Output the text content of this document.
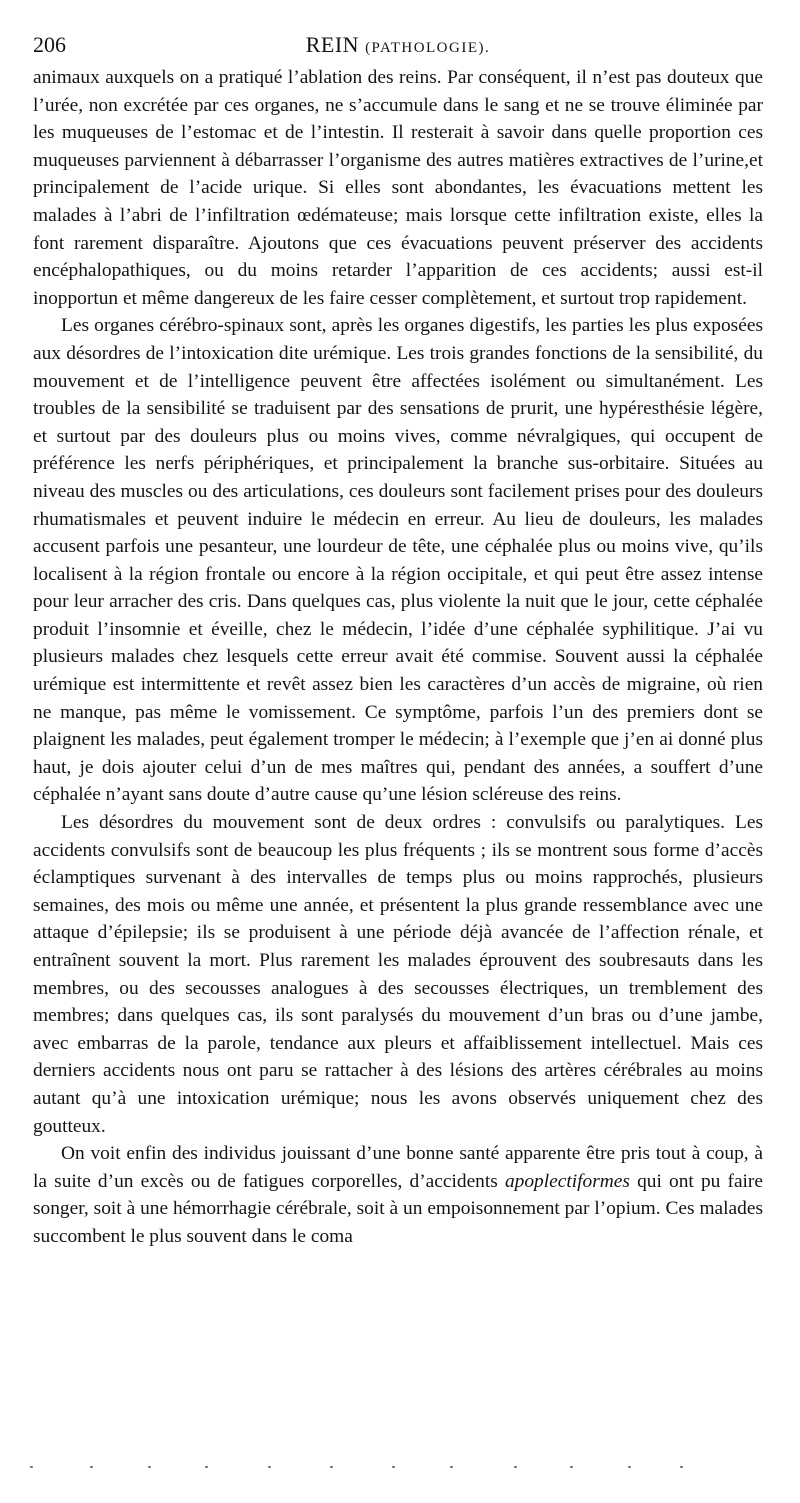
206	REIN (PATHOLOGIE).

animaux auxquels on a pratiqué l’ablation des reins. Par conséquent, il n’est pas douteux que l’urée, non excrétée par ces organes, ne s’accumule dans le sang et ne se trouve éliminée par les muqueuses de l’estomac et de l’intestin. Il resterait à savoir dans quelle proportion ces muqueuses parviennent à débarrasser l’organisme des autres matières extractives de l’urine,et principalement de l’acide urique. Si elles sont abondantes, les évacuations mettent les malades à l’abri de l’infiltration œdémateuse; mais lorsque cette infiltration existe, elles la font rarement disparaître. Ajoutons que ces évacuations peuvent préserver des accidents encéphalopathiques, ou du moins retarder l’apparition de ces accidents; aussi est-il inopportun et même dangereux de les faire cesser complètement, et surtout trop rapidement.

Les organes cérébro-spinaux sont, après les organes digestifs, les parties les plus exposées aux désordres de l’intoxication dite urémique. Les trois grandes fonctions de la sensibilité, du mouvement et de l’intelligence peuvent être affectées isolément ou simultanément. Les troubles de la sensibilité se traduisent par des sensations de prurit, une hypéresthésie légère, et surtout par des douleurs plus ou moins vives, comme névralgiques, qui occupent de préférence les nerfs périphériques, et principalement la branche sus-orbitaire. Situées au niveau des muscles ou des articulations, ces douleurs sont facilement prises pour des douleurs rhumatismales et peuvent induire le médecin en erreur. Au lieu de douleurs, les malades accusent parfois une pesanteur, une lourdeur de tête, une céphalée plus ou moins vive, qu’ils localisent à la région frontale ou encore à la région occipitale, et qui peut être assez intense pour leur arracher des cris. Dans quelques cas, plus violente la nuit que le jour, cette céphalée produit l’insomnie et éveille, chez le médecin, l’idée d’une céphalée syphilitique. J’ai vu plusieurs malades chez lesquels cette erreur avait été commise. Souvent aussi la céphalée urémique est intermittente et revêt assez bien les caractères d’un accès de migraine, où rien ne manque, pas même le vomissement. Ce symptôme, parfois l’un des premiers dont se plaignent les malades, peut également tromper le médecin; à l’exemple que j’en ai donné plus haut, je dois ajouter celui d’un de mes maîtres qui, pendant des années, a souffert d’une céphalée n’ayant sans doute d’autre cause qu’une lésion scléreuse des reins.

Les désordres du mouvement sont de deux ordres : convulsifs ou paralytiques. Les accidents convulsifs sont de beaucoup les plus fréquents ; ils se montrent sous forme d’accès éclamptiques survenant à des intervalles de temps plus ou moins rapprochés, plusieurs semaines, des mois ou même une année, et présentent la plus grande ressemblance avec une attaque d’épilepsie; ils se produisent à une période déjà avancée de l’affection rénale, et entraînent souvent la mort. Plus rarement les malades éprouvent des soubresauts dans les membres, ou des secousses analogues à des secousses électriques, un tremblement des membres; dans quelques cas, ils sont paralysés du mouvement d’un bras ou d’une jambe, avec embarras de la parole, tendance aux pleurs et affaiblissement intellectuel. Mais ces derniers accidents nous ont paru se rattacher à des lésions des artères cérébrales au moins autant qu’à une intoxication urémique; nous les avons observés uniquement chez des goutteux.

On voit enfin des individus jouissant d’une bonne santé apparente être pris tout à coup, à la suite d’un excès ou de fatigues corporelles, d’accidents apoplectiformes qui ont pu faire songer, soit à une hémorrhagie cérébrale, soit à un empoisonnement par l’opium. Ces malades succombent le plus souvent dans le coma
